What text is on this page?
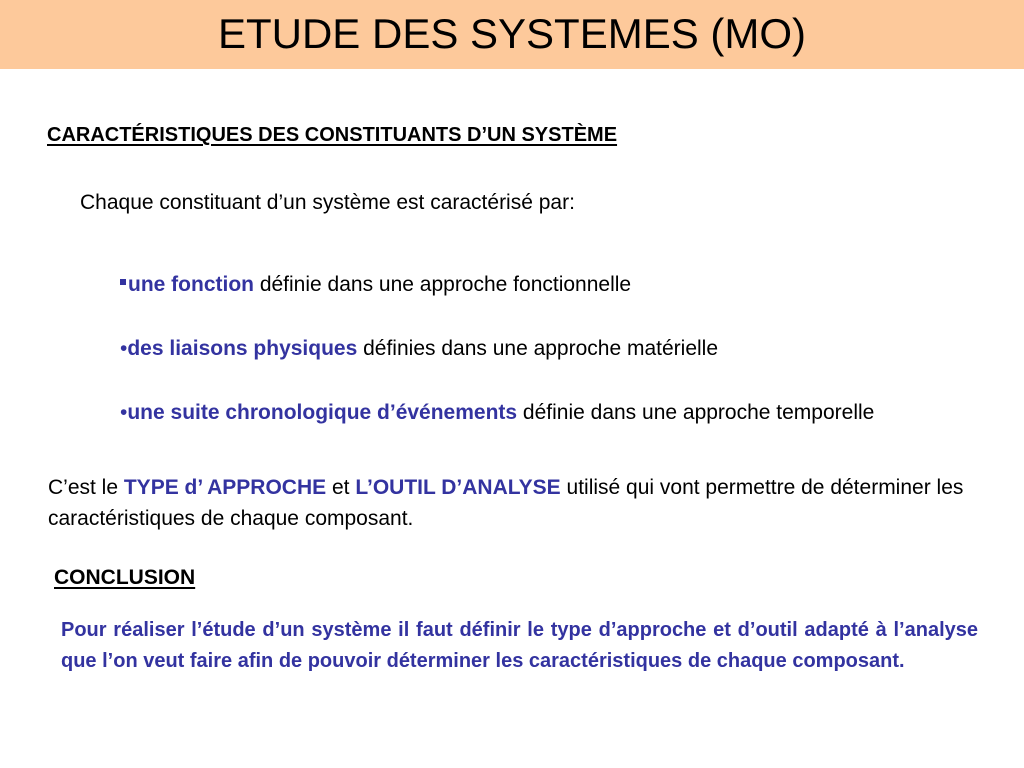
ETUDE DES SYSTEMES (MO)
CARACTÉRISTIQUES DES CONSTITUANTS D’UN SYSTÈME

Chaque constituant d’un système est caractérisé par:

une fonction définie dans une approche fonctionnelle

•des liaisons physiques définies dans une approche matérielle

•une suite chronologique d’événements définie dans une approche temporelle

C’est le TYPE d’ APPROCHE et L’OUTIL D’ANALYSE utilisé qui vont permettre de déterminer les caractéristiques de chaque composant.

CONCLUSION

Pour réaliser l’étude d’un système il faut définir le type d’approche et d’outil adapté à l’analyse que l’on veut faire afin de pouvoir déterminer les caractéristiques de chaque composant.
